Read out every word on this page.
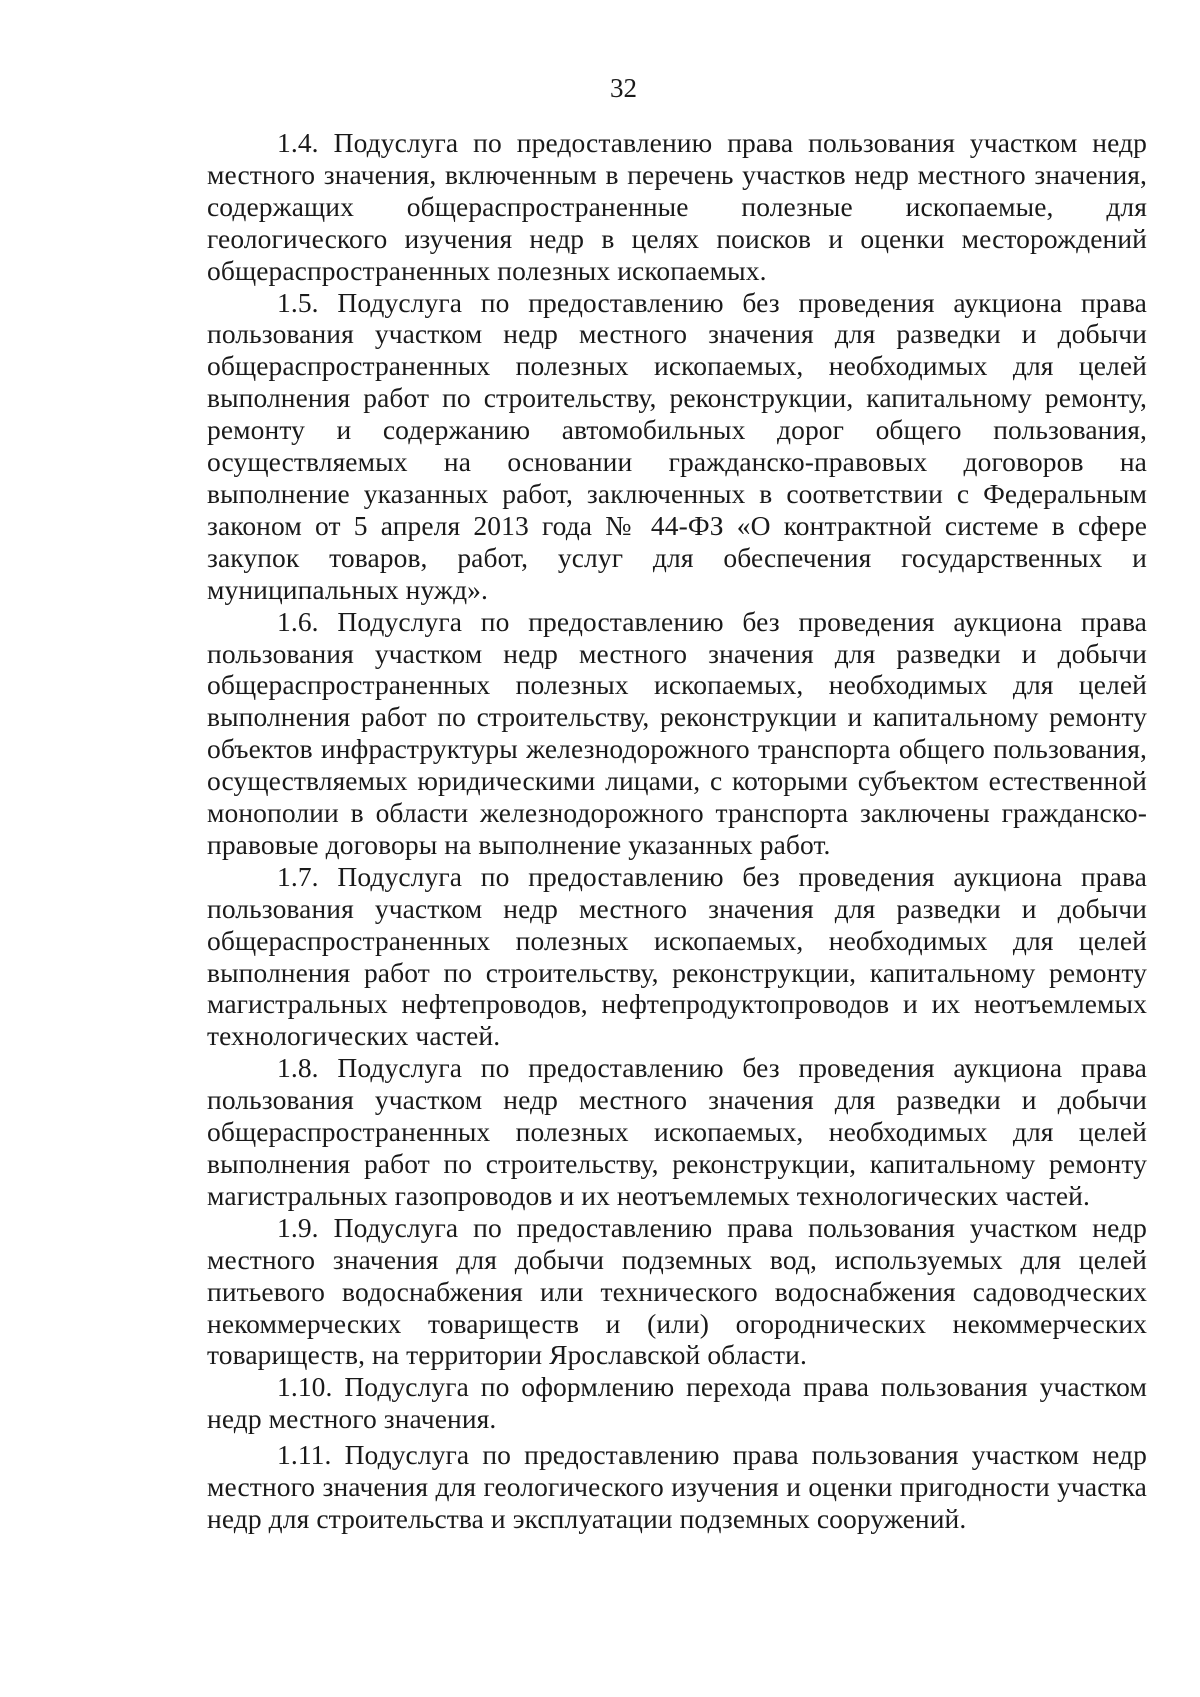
32

1.4. Подуслуга по предоставлению права пользования участком недр местного значения, включенным в перечень участков недр местного значения, содержащих общераспространенные полезные ископаемые, для геологического изучения недр в целях поисков и оценки месторождений общераспространенных полезных ископаемых.

1.5. Подуслуга по предоставлению без проведения аукциона права пользования участком недр местного значения для разведки и добычи общераспространенных полезных ископаемых, необходимых для целей выполнения работ по строительству, реконструкции, капитальному ремонту, ремонту и содержанию автомобильных дорог общего пользования, осуществляемых на основании гражданско-правовых договоров на выполнение указанных работ, заключенных в соответствии с Федеральным законом от 5 апреля 2013 года № 44-ФЗ «О контрактной системе в сфере закупок товаров, работ, услуг для обеспечения государственных и муниципальных нужд».

1.6. Подуслуга по предоставлению без проведения аукциона права пользования участком недр местного значения для разведки и добычи общераспространенных полезных ископаемых, необходимых для целей выполнения работ по строительству, реконструкции и капитальному ремонту объектов инфраструктуры железнодорожного транспорта общего пользования, осуществляемых юридическими лицами, с которыми субъектом естественной монополии в области железнодорожного транспорта заключены гражданско-правовые договоры на выполнение указанных работ.

1.7. Подуслуга по предоставлению без проведения аукциона права пользования участком недр местного значения для разведки и добычи общераспространенных полезных ископаемых, необходимых для целей выполнения работ по строительству, реконструкции, капитальному ремонту магистральных нефтепроводов, нефтепродуктопроводов и их неотъемлемых технологических частей.

1.8. Подуслуга по предоставлению без проведения аукциона права пользования участком недр местного значения для разведки и добычи общераспространенных полезных ископаемых, необходимых для целей выполнения работ по строительству, реконструкции, капитальному ремонту магистральных газопроводов и их неотъемлемых технологических частей.

1.9. Подуслуга по предоставлению права пользования участком недр местного значения для добычи подземных вод, используемых для целей питьевого водоснабжения или технического водоснабжения садоводческих некоммерческих товариществ и (или) огороднических некоммерческих товариществ, на территории Ярославской области.

1.10. Подуслуга по оформлению перехода права пользования участком недр местного значения.

1.11. Подуслуга по предоставлению права пользования участком недр местного значения для геологического изучения и оценки пригодности участка недр для строительства и эксплуатации подземных сооружений.
